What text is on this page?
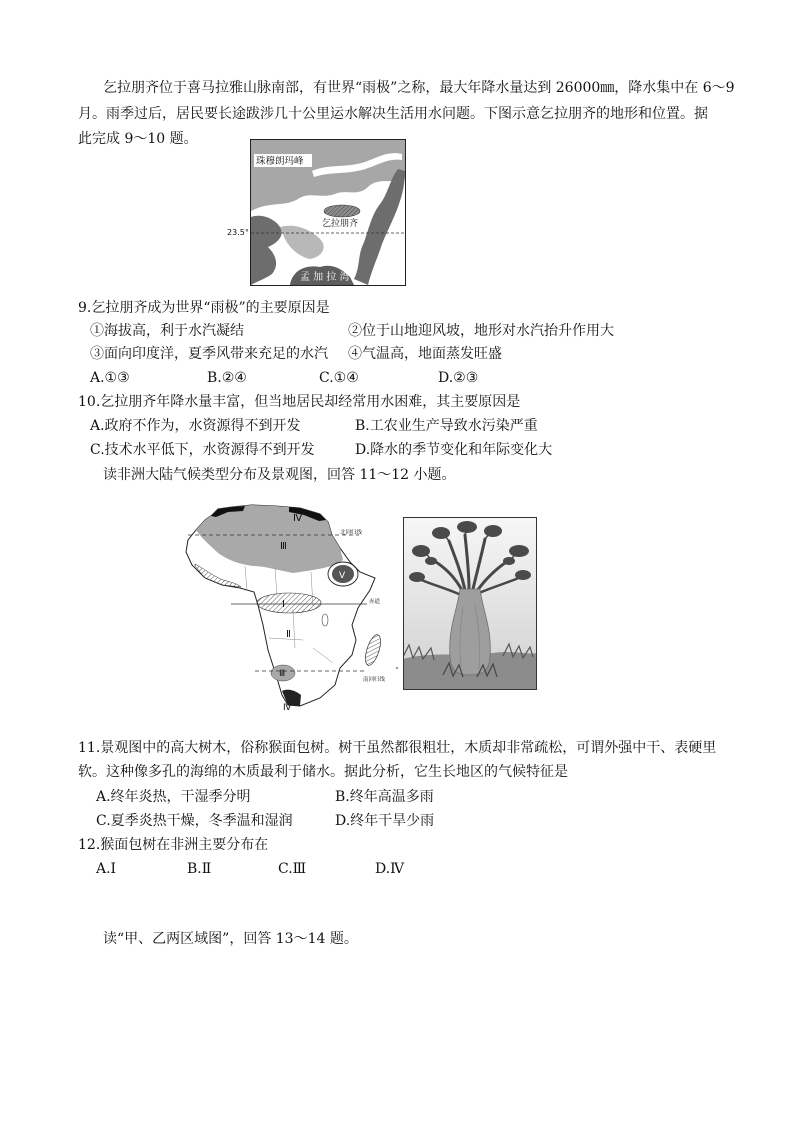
乞拉朋齐位于喜马拉雅山脉南部，有世界“雨极”之称，最大年降水量达到 26000㎜，降水集中在 6～9
月。雨季过后，居民要长途跋涉几十公里运水解决生活用水问题。下图示意乞拉朋齐的地形和位置。据
此完成 9～10 题。
23.5°
珠穆朗玛峰
乞拉朋齐
孟 加 拉 湾
9.乞拉朋齐成为世界“雨极”的主要原因是
①海拔高，利于水汽凝结	②位于山地迎风坡，地形对水汽抬升作用大
③面向印度洋，夏季风带来充足的水汽 ④气温高，地面蒸发旺盛
A.①③	B.②④	C.①④	D.②③
10.乞拉朋齐年降水量丰富，但当地居民却经常用水困难，其主要原因是
A.政府不作为，水资源得不到开发	B.工农业生产导致水污染严重
C.技术水平低下，水资源得不到开发	D.降水的季节变化和年际变化大
读非洲大陆气候类型分布及景观图，回答 11～12 小题。
Ⅳ
北回归线
Ⅲ
Ⅴ
Ⅰ	赤道
Ⅱ
Ⅲ
南回归线
Ⅳ
11.景观图中的高大树木，俗称猴面包树。树干虽然都很粗壮，木质却非常疏松，可谓外强中干、表硬里
软。这种像多孔的海绵的木质最利于储水。据此分析，它生长地区的气候特征是
A.终年炎热，干湿季分明	B.终年高温多雨
C.夏季炎热干燥，冬季温和湿润	D.终年干旱少雨
12.猴面包树在非洲主要分布在
A.Ⅰ	B.Ⅱ	C.Ⅲ	D.Ⅳ
读“甲、乙两区域图”，回答 13～14 题。
